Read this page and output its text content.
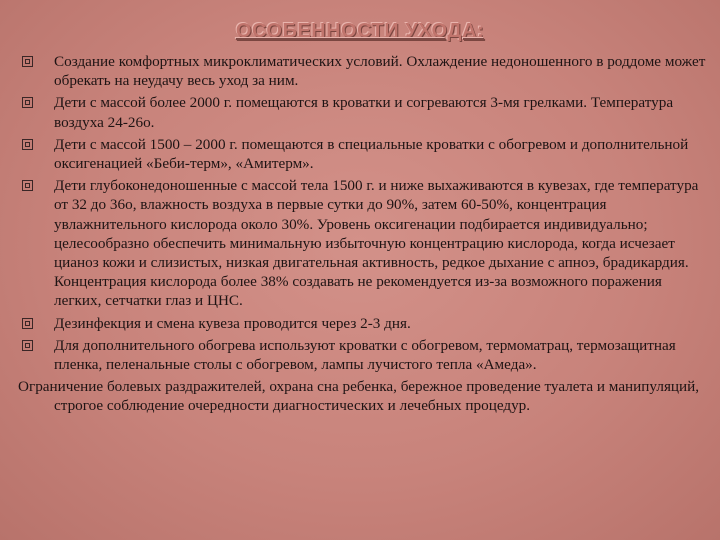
ОСОБЕННОСТИ УХОДА:
Создание комфортных микроклиматических условий. Охлаждение недоношенного в роддоме может обрекать на неудачу весь уход за ним.
Дети с массой более 2000 г. помещаются в кроватки и согреваются 3-мя грелками. Температура воздуха 24-26о.
Дети с массой 1500 – 2000 г. помещаются в специальные кроватки с обогревом и дополнительной оксигенацией «Беби-терм», «Амитерм».
Дети глубоконедоношенные с массой тела 1500 г. и ниже выхаживаются в кувезах, где температура от 32 до 36о, влажность воздуха в первые сутки до 90%, затем 60-50%, концентрация увлажнительного кислорода около 30%. Уровень оксигенации подбирается индивидуально; целесообразно обеспечить минимальную избыточную концентрацию кислорода, когда исчезает цианоз кожи и слизистых, низкая двигательная активность, редкое дыхание с апноэ, брадикардия. Концентрация кислорода более 38% создавать не рекомендуется из-за возможного поражения легких, сетчатки глаз и ЦНС.
Дезинфекция и смена кувеза проводится через 2-3 дня.
Для дополнительного обогрева используют кроватки с обогревом, термоматрац, термозащитная пленка, пеленальные столы с обогревом, лампы лучистого тепла «Амеда».

Ограничение болевых раздражителей, охрана сна ребенка, бережное проведение туалета и манипуляций, строгое соблюдение очередности диагностических и лечебных процедур.
